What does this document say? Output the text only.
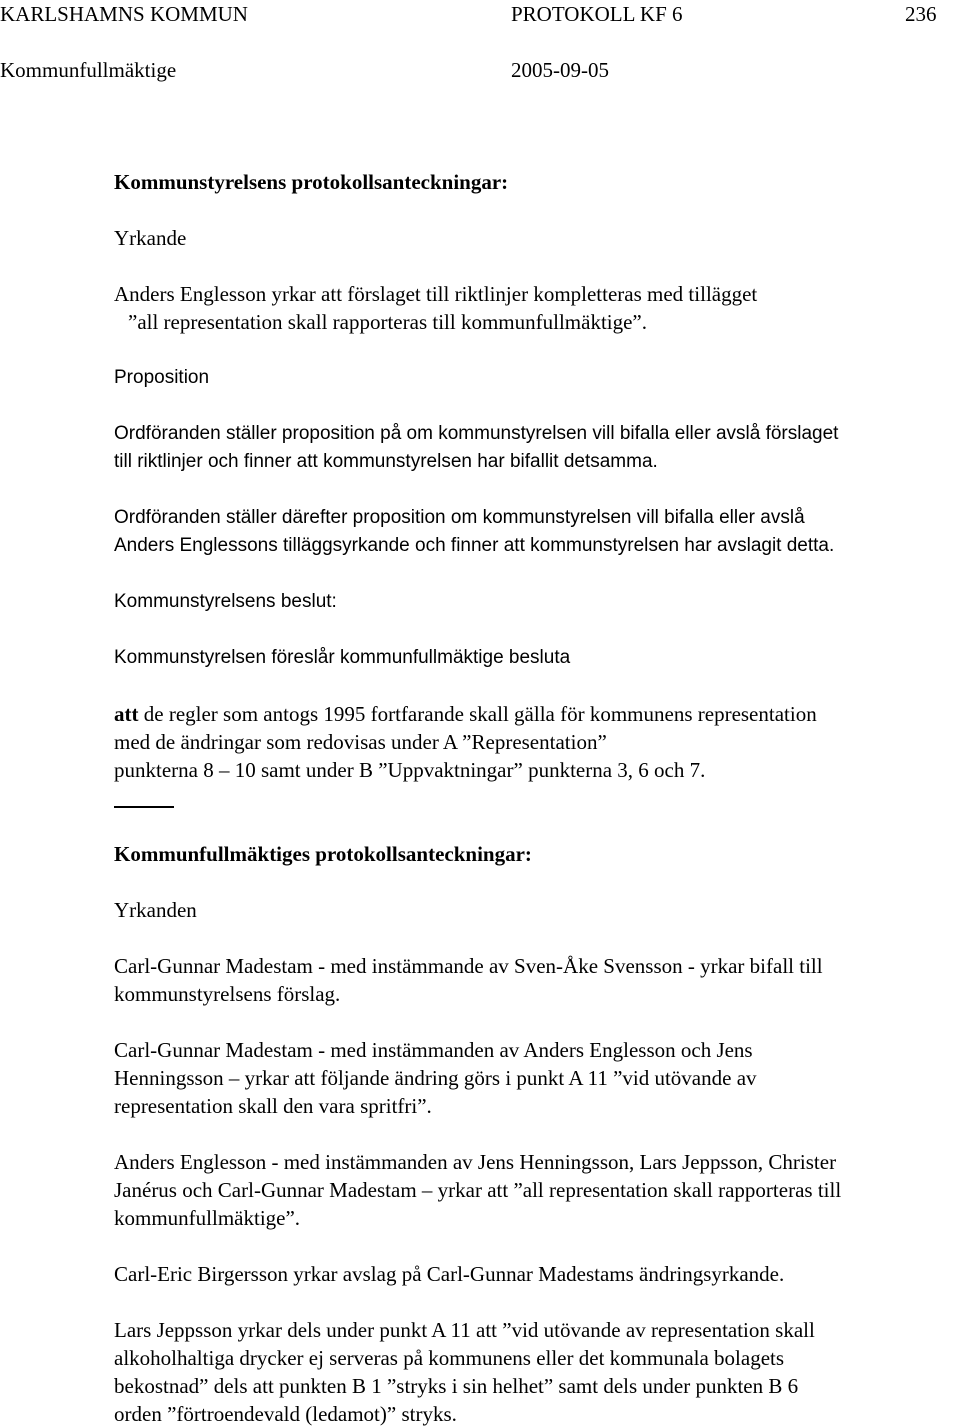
KARLSHAMNS KOMMUN	PROTOKOLL KF 6	236
Kommunfullmäktige	2005-09-05
Kommunstyrelsens protokollsanteckningar:
Yrkande
Anders Englesson yrkar att förslaget till riktlinjer kompletteras med tillägget
”all representation skall rapporteras till kommunfullmäktige”.
Proposition
Ordföranden ställer proposition på om kommunstyrelsen vill bifalla eller avslå förslaget
till riktlinjer och finner att kommunstyrelsen har bifallit detsamma.
Ordföranden ställer därefter proposition om kommunstyrelsen vill bifalla eller avslå
Anders Englessons tilläggsyrkande och finner att kommunstyrelsen har avslagit detta.
Kommunstyrelsens beslut:
Kommunstyrelsen föreslår kommunfullmäktige besluta
att de regler som antogs 1995 fortfarande skall gälla för kommunens representation
med de ändringar som redovisas under A ”Representation”
punkterna 8 – 10 samt under B ”Uppvaktningar” punkterna 3, 6 och 7.
Kommunfullmäktiges protokollsanteckningar:
Yrkanden
Carl-Gunnar Madestam - med instämmande av Sven-Åke Svensson - yrkar bifall till
kommunstyrelsens förslag.
Carl-Gunnar Madestam - med instämmanden av Anders Englesson och Jens
Henningsson – yrkar att följande ändring görs i punkt A 11 ”vid utövande av
representation skall den vara spritfri”.
Anders Englesson - med instämmanden av Jens Henningsson, Lars Jeppsson, Christer
Janérus och Carl-Gunnar Madestam – yrkar att ”all representation skall rapporteras till
kommunfullmäktige”.
Carl-Eric Birgersson yrkar avslag på Carl-Gunnar Madestams ändringsyrkande.
Lars Jeppsson yrkar dels under punkt A 11 att ”vid utövande av representation skall
alkoholhaltiga drycker ej serveras på kommunens eller det kommunala bolagets
bekostnad” dels att punkten B 1 ”stryks i sin helhet” samt dels under punkten B 6
orden ”förtroendevald (ledamot)” stryks.
